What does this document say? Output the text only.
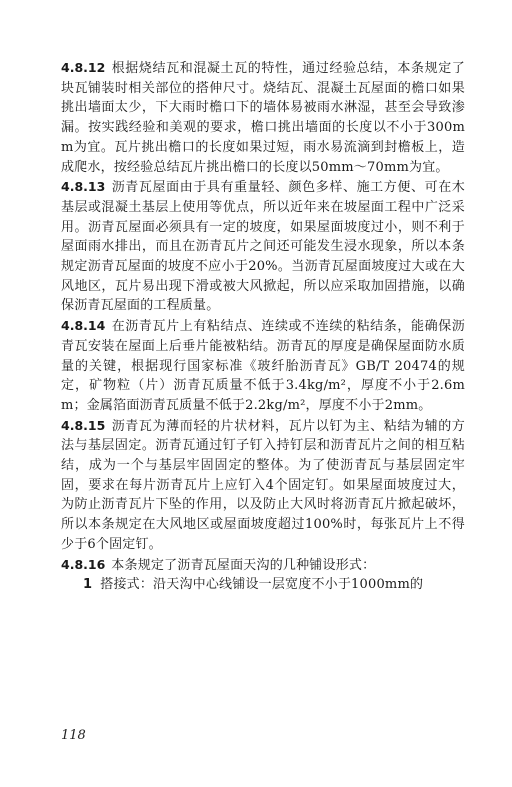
4.8.12 根据烧结瓦和混凝土瓦的特性，通过经验总结，本条规定了块瓦铺装时相关部位的搭伸尺寸。烧结瓦、混凝土瓦屋面的檐口如果挑出墙面太少，下大雨时檐口下的墙体易被雨水淋湿，甚至会导致渗漏。按实践经验和美观的要求，檐口挑出墙面的长度以不小于300mm为宜。瓦片挑出檐口的长度如果过短，雨水易流滴到封檐板上，造成爬水，按经验总结瓦片挑出檐口的长度以50mm～70mm为宜。

4.8.13 沥青瓦屋面由于具有重量轻、颜色多样、施工方便、可在木基层或混凝土基层上使用等优点，所以近年来在坡屋面工程中广泛采用。沥青瓦屋面必须具有一定的坡度，如果屋面坡度过小，则不利于屋面雨水排出，而且在沥青瓦片之间还可能发生浸水现象，所以本条规定沥青瓦屋面的坡度不应小于20%。当沥青瓦屋面坡度过大或在大风地区，瓦片易出现下滑或被大风掀起，所以应采取加固措施，以确保沥青瓦屋面的工程质量。

4.8.14 在沥青瓦片上有粘结点、连续或不连续的粘结条，能确保沥青瓦安装在屋面上后垂片能被粘结。沥青瓦的厚度是确保屋面防水质量的关键，根据现行国家标准《玻纤胎沥青瓦》GB/T 20474的规定，矿物粒（片）沥青瓦质量不低于3.4kg/m²，厚度不小于2.6mm；金属箔面沥青瓦质量不低于2.2kg/m²，厚度不小于2mm。

4.8.15 沥青瓦为薄而轻的片状材料，瓦片以钉为主、粘结为辅的方法与基层固定。沥青瓦通过钉子钉入持钉层和沥青瓦片之间的相互粘结，成为一个与基层牢固固定的整体。为了使沥青瓦与基层固定牢固，要求在每片沥青瓦片上应钉入4个固定钉。如果屋面坡度过大，为防止沥青瓦片下坠的作用，以及防止大风时将沥青瓦片掀起破坏，所以本条规定在大风地区或屋面坡度超过100%时，每张瓦片上不得少于6个固定钉。

4.8.16 本条规定了沥青瓦屋面天沟的几种铺设形式：

1 搭接式：沿天沟中心线铺设一层宽度不小于1000mm的

118
